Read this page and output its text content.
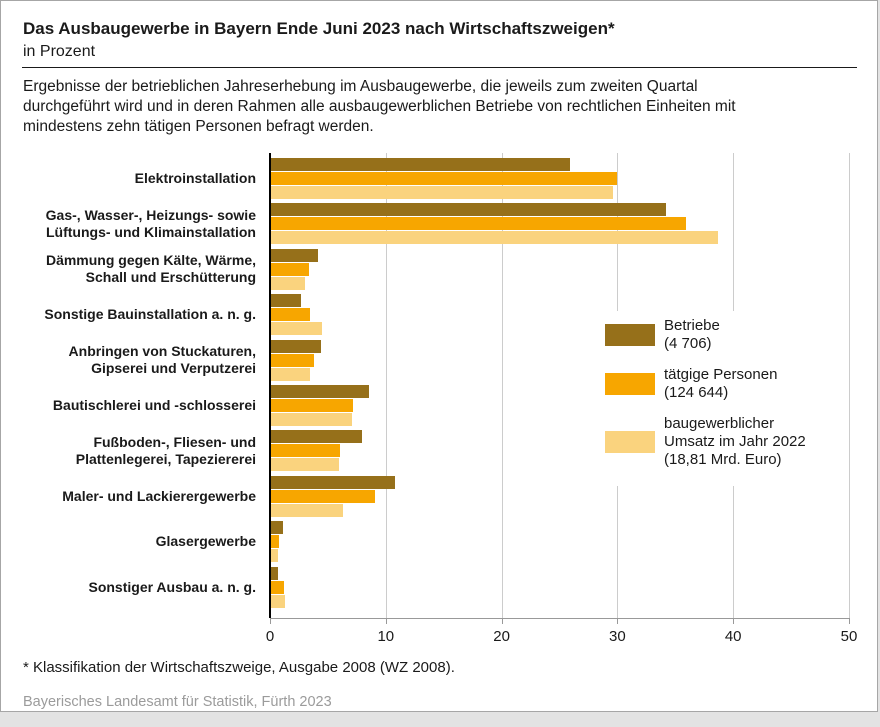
Das Ausbaugewerbe in Bayern Ende Juni 2023 nach Wirtschaftszweigen*
in Prozent
Ergebnisse der betrieblichen Jahreserhebung im Ausbaugewerbe, die jeweils zum zweiten Quartal durchgeführt wird und in deren Rahmen alle ausbaugewerblichen Betriebe von rechtlichen Einheiten mit mindestens zehn tätigen Personen befragt werden.
0	10	20	30	40	50
Elektroinstallation
Gas-, Wasser-, Heizungs- sowie
Lüftungs- und Klimainstallation
Dämmung gegen Kälte, Wärme,
Schall und Erschütterung
Sonstige Bauinstallation a. n. g.
Anbringen von Stuckaturen,
Gipserei und Verputzerei
Bautischlerei und -schlosserei
Fußboden-, Fliesen- und
Plattenlegerei, Tapeziererei
Maler- und Lackierergewerbe
Glasergewerbe
Sonstiger Ausbau a. n. g.
Betriebe
(4 706)
tätgige Personen
(124 644)
baugewerblicher
Umsatz im Jahr 2022
(18,81 Mrd. Euro)
* Klassifikation der Wirtschaftszweige, Ausgabe 2008 (WZ 2008).
Bayerisches Landesamt für Statistik, Fürth 2023
